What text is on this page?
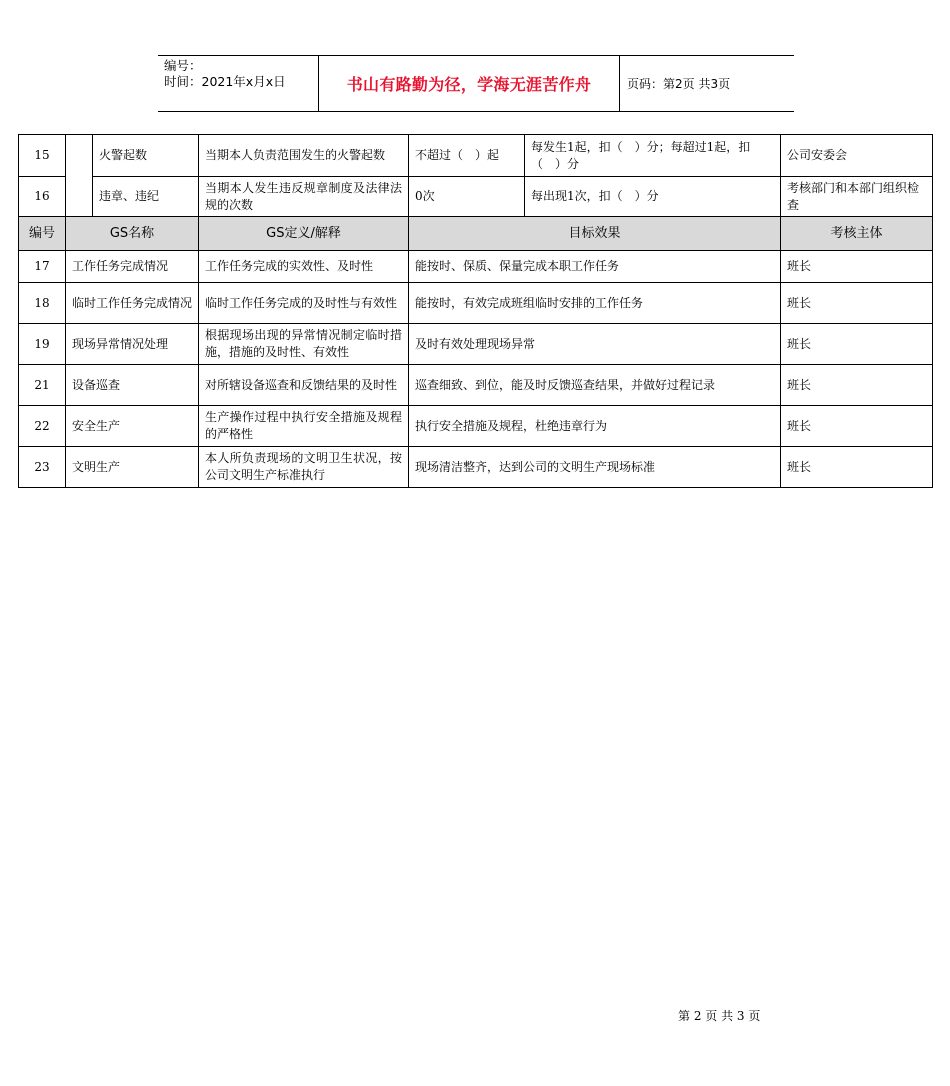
编号：
时间：2021年x月x日	书山有路勤为径，学海无涯苦作舟	页码：第2页 共3页
15		火警起数	当期本人负责范围发生的火警起数	不超过（　）起	每发生1起，扣（　）分；每超过1起，扣（　）分	公司安委会
16		违章、违纪	当期本人发生违反规章制度及法律法规的次数	0次	每出现1次，扣（　）分	考核部门和本部门组织检查
编号	GS名称		GS定义/解释	目标效果		考核主体
17	工作任务完成情况		工作任务完成的实效性、及时性	能按时、保质、保量完成本职工作任务		班长
18	临时工作任务完成情况		临时工作任务完成的及时性与有效性	能按时，有效完成班组临时安排的工作任务		班长
19	现场异常情况处理		根据现场出现的异常情况制定临时措施，措施的及时性、有效性	及时有效处理现场异常		班长
21	设备巡查		对所辖设备巡查和反馈结果的及时性	巡查细致、到位，能及时反馈巡查结果，并做好过程记录		班长
22	安全生产		生产操作过程中执行安全措施及规程的严格性	执行安全措施及规程，杜绝违章行为		班长
23	文明生产		本人所负责现场的文明卫生状况，按公司文明生产标准执行	现场清洁整齐，达到公司的文明生产现场标准		班长
第 2 页 共 3 页
